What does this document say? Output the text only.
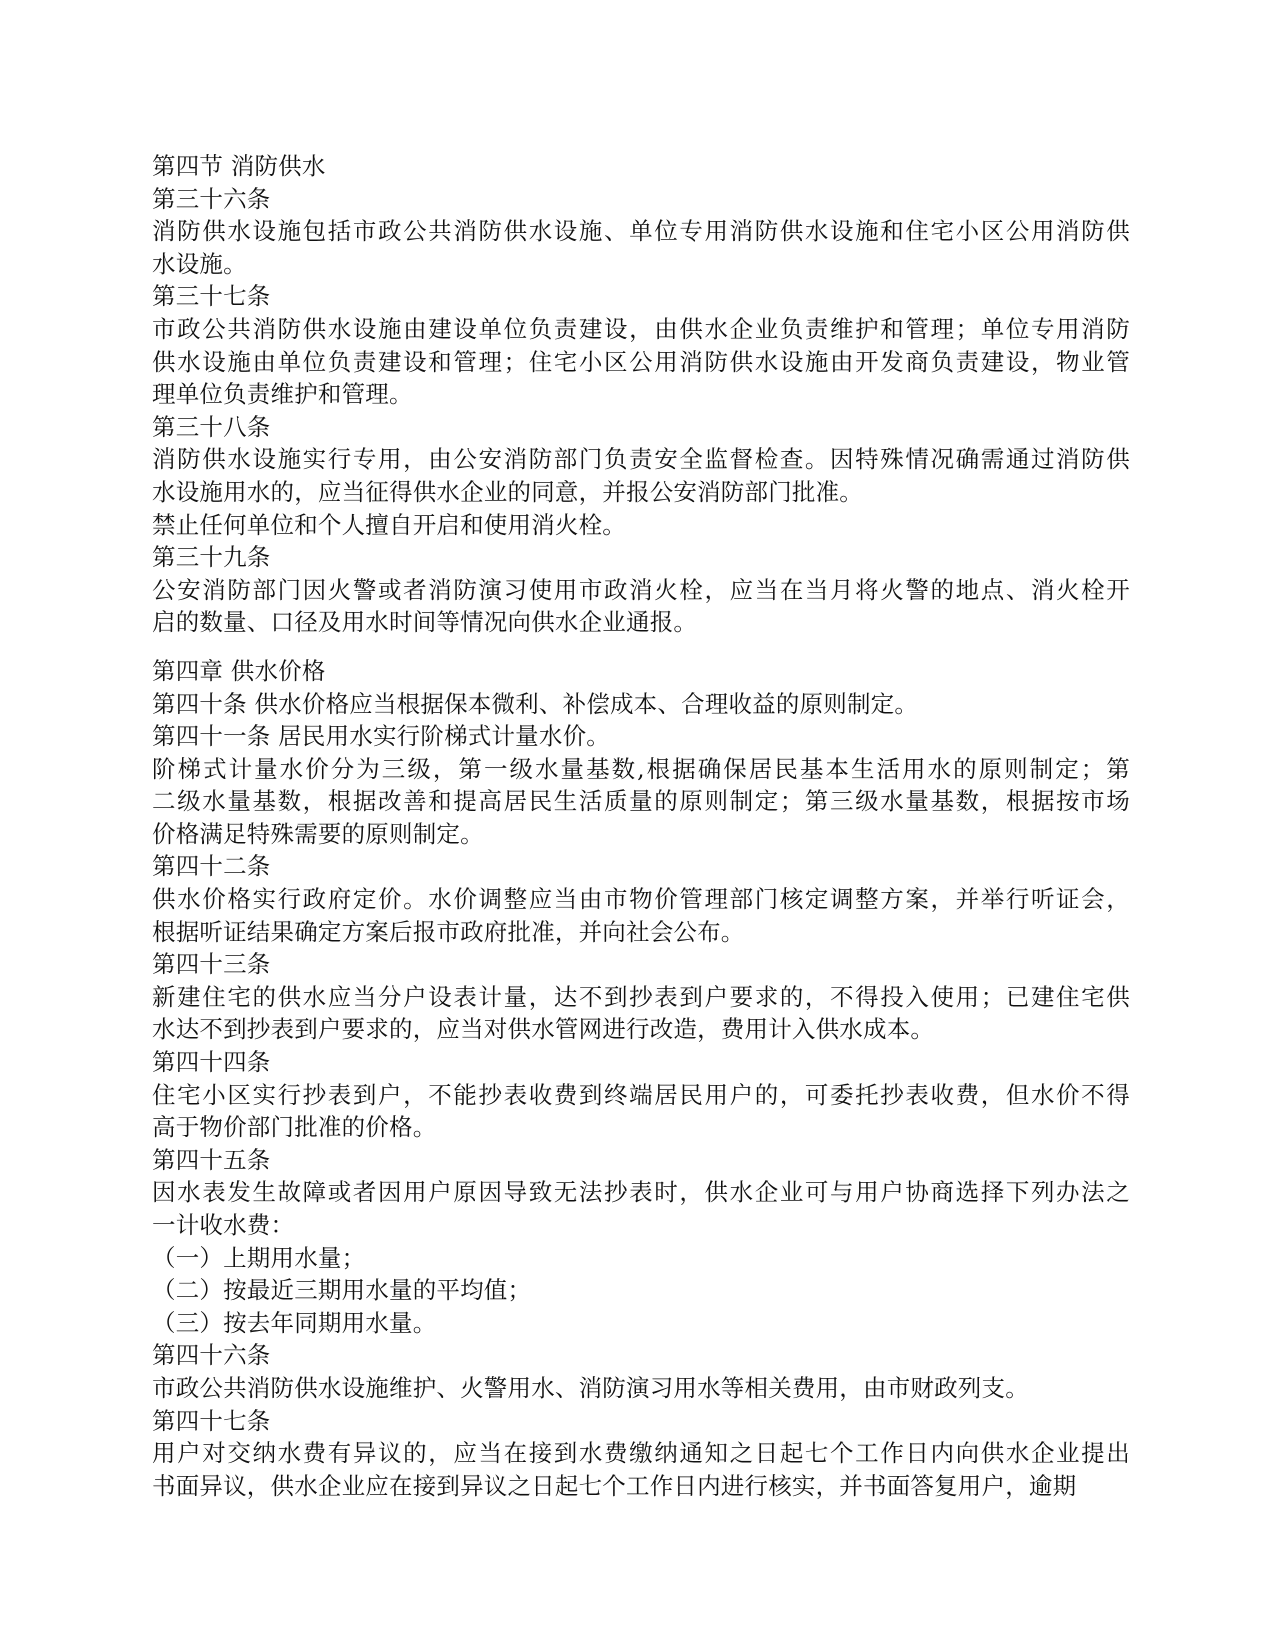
第四节 消防供水
第三十六条
消防供水设施包括市政公共消防供水设施、单位专用消防供水设施和住宅小区公用消防供
水设施。
第三十七条
市政公共消防供水设施由建设单位负责建设，由供水企业负责维护和管理；单位专用消防
供水设施由单位负责建设和管理；住宅小区公用消防供水设施由开发商负责建设，物业管
理单位负责维护和管理。
第三十八条
消防供水设施实行专用，由公安消防部门负责安全监督检查。因特殊情况确需通过消防供
水设施用水的，应当征得供水企业的同意，并报公安消防部门批准。
禁止任何单位和个人擅自开启和使用消火栓。
第三十九条
公安消防部门因火警或者消防演习使用市政消火栓，应当在当月将火警的地点、消火栓开
启的数量、口径及用水时间等情况向供水企业通报。
第四章 供水价格
第四十条 供水价格应当根据保本微利、补偿成本、合理收益的原则制定。
第四十一条 居民用水实行阶梯式计量水价。
阶梯式计量水价分为三级，第一级水量基数,根据确保居民基本生活用水的原则制定；第
二级水量基数，根据改善和提高居民生活质量的原则制定；第三级水量基数，根据按市场
价格满足特殊需要的原则制定。
第四十二条
供水价格实行政府定价。水价调整应当由市物价管理部门核定调整方案，并举行听证会，
根据听证结果确定方案后报市政府批准，并向社会公布。
第四十三条
新建住宅的供水应当分户设表计量，达不到抄表到户要求的，不得投入使用；已建住宅供
水达不到抄表到户要求的，应当对供水管网进行改造，费用计入供水成本。
第四十四条
住宅小区实行抄表到户，不能抄表收费到终端居民用户的，可委托抄表收费，但水价不得
高于物价部门批准的价格。
第四十五条
因水表发生故障或者因用户原因导致无法抄表时，供水企业可与用户协商选择下列办法之
一计收水费：
（一）上期用水量；
（二）按最近三期用水量的平均值；
（三）按去年同期用水量。
第四十六条
市政公共消防供水设施维护、火警用水、消防演习用水等相关费用，由市财政列支。
第四十七条
用户对交纳水费有异议的，应当在接到水费缴纳通知之日起七个工作日内向供水企业提出
书面异议，供水企业应在接到异议之日起七个工作日内进行核实，并书面答复用户，逾期
